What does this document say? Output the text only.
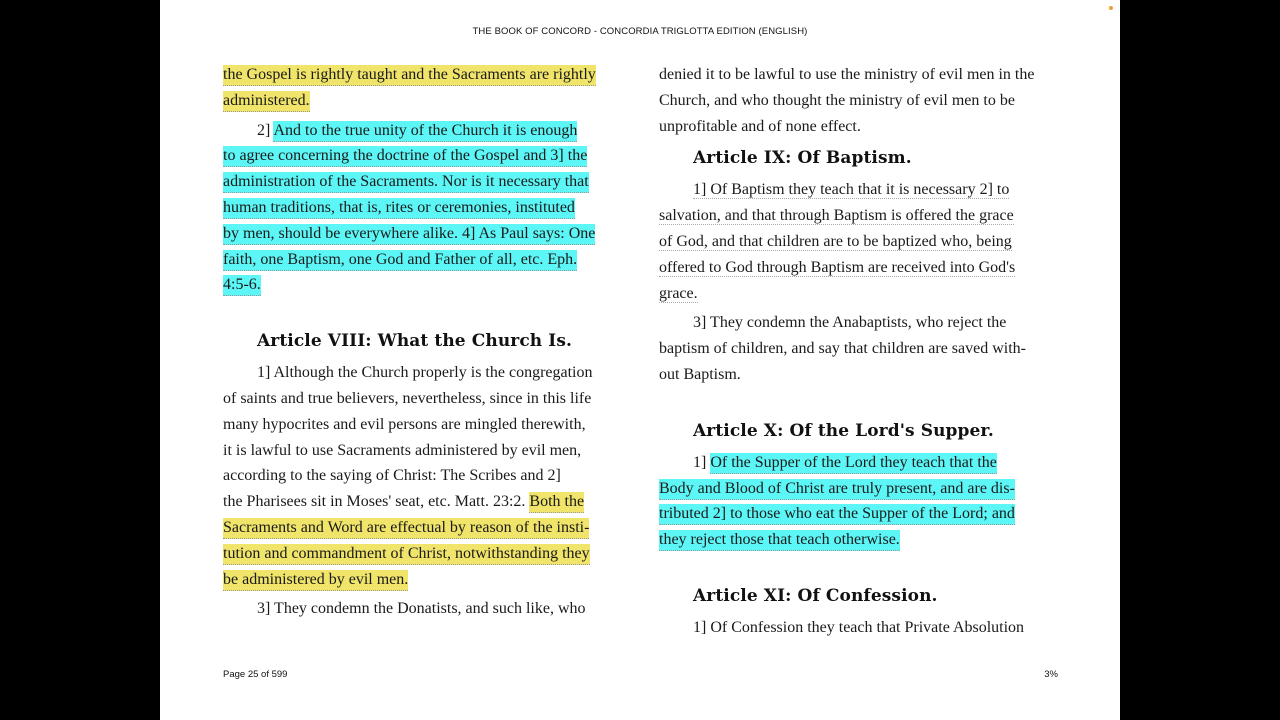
THE BOOK OF CONCORD - CONCORDIA TRIGLOTTA EDITION (ENGLISH)

the Gospel is rightly taught and the Sacraments are rightly
administered.

2] And to the true unity of the Church it is enough
to agree concerning the doctrine of the Gospel and 3] the
administration of the Sacraments. Nor is it necessary that
human traditions, that is, rites or ceremonies, instituted
by men, should be everywhere alike. 4] As Paul says: One
faith, one Baptism, one God and Father of all, etc. Eph.
4:5-6.

Article VIII: What the Church Is.

1] Although the Church properly is the congregation
of saints and true believers, nevertheless, since in this life
many hypocrites and evil persons are mingled therewith,
it is lawful to use Sacraments administered by evil men,
according to the saying of Christ: The Scribes and 2]
the Pharisees sit in Moses' seat, etc. Matt. 23:2. Both the
Sacraments and Word are effectual by reason of the insti-
tution and commandment of Christ, notwithstanding they
be administered by evil men.

3] They condemn the Donatists, and such like, who

denied it to be lawful to use the ministry of evil men in the
Church, and who thought the ministry of evil men to be
unprofitable and of none effect.

Article IX: Of Baptism.

1] Of Baptism they teach that it is necessary 2] to
salvation, and that through Baptism is offered the grace
of God, and that children are to be baptized who, being
offered to God through Baptism are received into God's
grace.

3] They condemn the Anabaptists, who reject the
baptism of children, and say that children are saved with-
out Baptism.

Article X: Of the Lord's Supper.

1] Of the Supper of the Lord they teach that the
Body and Blood of Christ are truly present, and are dis-
tributed 2] to those who eat the Supper of the Lord; and
they reject those that teach otherwise.

Article XI: Of Confession.

1] Of Confession they teach that Private Absolution

Page 25 of 599	3%
